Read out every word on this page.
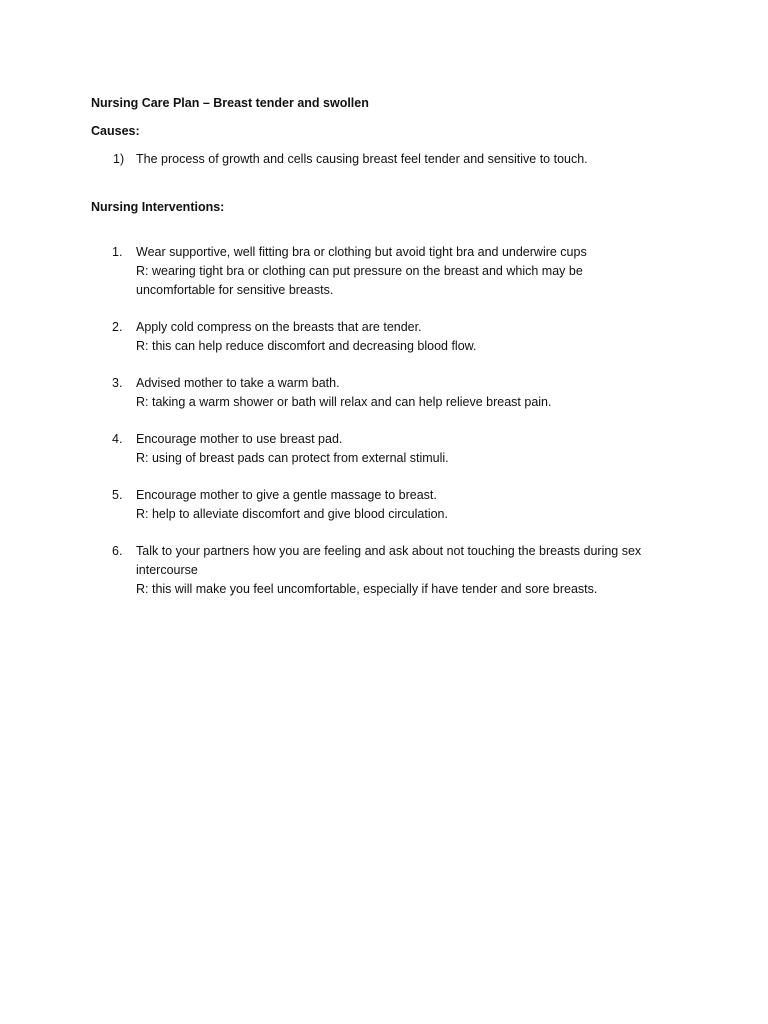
Nursing Care Plan – Breast tender and swollen

Causes:

1) The process of growth and cells causing breast feel tender and sensitive to touch.

Nursing Interventions:

1.	Wear supportive, well fitting bra or clothing but avoid tight bra and underwire cups
R: wearing tight bra or clothing can put pressure on the breast and which may be uncomfortable for sensitive breasts.
2.	Apply cold compress on the breasts that are tender.
R: this can help reduce discomfort and decreasing blood flow.
3.	Advised mother to take a warm bath.
R: taking a warm shower or bath will relax and can help relieve breast pain.
4.	Encourage mother to use breast pad.
R: using of breast pads can protect from external stimuli.
5.	Encourage mother to give a gentle massage to breast.
R: help to alleviate discomfort and give blood circulation.
6.	Talk to your partners how you are feeling and ask about not touching the breasts during sex intercourse
R: this will make you feel uncomfortable, especially if have tender and sore breasts.
